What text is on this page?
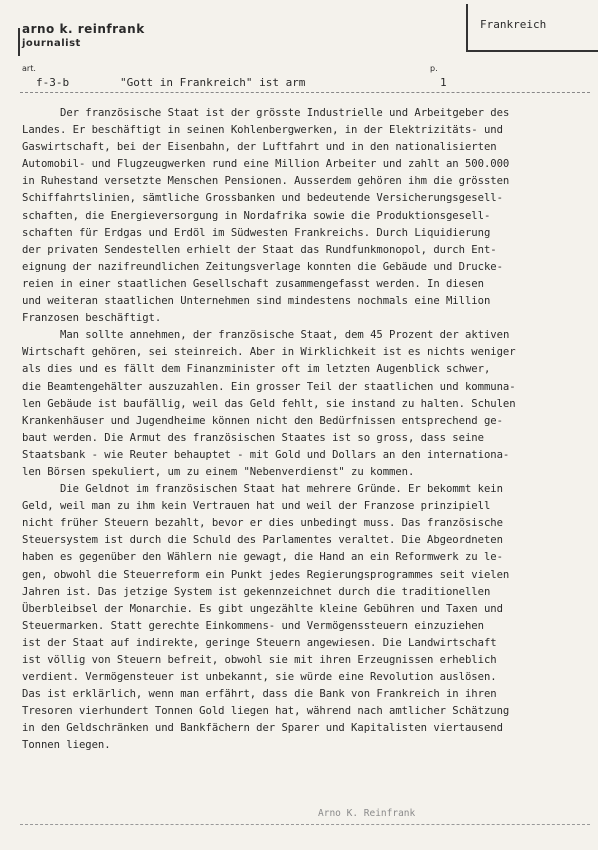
arno k. reinfrank
journalist
Frankreich
art.	p.
f-3-b	"Gott in Frankreich" ist arm	1
Der französische Staat ist der grösste Industrielle und Arbeitgeber des
Landes. Er beschäftigt in seinen Kohlenbergwerken, in der Elektrizitäts- und
Gaswirtschaft, bei der Eisenbahn, der Luftfahrt und in den nationalisierten
Automobil- und Flugzeugwerken rund eine Million Arbeiter und zahlt an 500.000
in Ruhestand versetzte Menschen Pensionen. Ausserdem gehören ihm die grössten
Schiffahrtslinien, sämtliche Grossbanken und bedeutende Versicherungsgesell-
schaften, die Energieversorgung in Nordafrika sowie die Produktionsgesell-
schaften für Erdgas und Erdöl im Südwesten Frankreichs. Durch Liquidierung
der privaten Sendestellen erhielt der Staat das Rundfunkmonopol, durch Ent-
eignung der nazifreundlichen Zeitungsverlage konnten die Gebäude und Drucke-
reien in einer staatlichen Gesellschaft zusammengefasst werden. In diesen
und weiteran staatlichen Unternehmen sind mindestens nochmals eine Million
Franzosen beschäftigt.
Man sollte annehmen, der französische Staat, dem 45 Prozent der aktiven
Wirtschaft gehören, sei steinreich. Aber in Wirklichkeit ist es nichts weniger
als dies und es fällt dem Finanzminister oft im letzten Augenblick schwer,
die Beamtengehälter auszuzahlen. Ein grosser Teil der staatlichen und kommuna-
len Gebäude ist baufällig, weil das Geld fehlt, sie instand zu halten. Schulen
Krankenhäuser und Jugendheime können nicht den Bedürfnissen entsprechend ge-
baut werden. Die Armut des französischen Staates ist so gross, dass seine
Staatsbank - wie Reuter behauptet - mit Gold und Dollars an den internationa-
len Börsen spekuliert, um zu einem "Nebenverdienst" zu kommen.
Die Geldnot im französischen Staat hat mehrere Gründe. Er bekommt kein
Geld, weil man zu ihm kein Vertrauen hat und weil der Franzose prinzipiell
nicht früher Steuern bezahlt, bevor er dies unbedingt muss. Das französische
Steuersystem ist durch die Schuld des Parlamentes veraltet. Die Abgeordneten
haben es gegenüber den Wählern nie gewagt, die Hand an ein Reformwerk zu le-
gen, obwohl die Steuerreform ein Punkt jedes Regierungsprogrammes seit vielen
Jahren ist. Das jetzige System ist gekennzeichnet durch die traditionellen
Überbleibsel der Monarchie. Es gibt ungezählte kleine Gebühren und Taxen und
Steuermarken. Statt gerechte Einkommens- und Vermögenssteuern einzuziehen
ist der Staat auf indirekte, geringe Steuern angewiesen. Die Landwirtschaft
ist völlig von Steuern befreit, obwohl sie mit ihren Erzeugnissen erheblich
verdient. Vermögensteuer ist unbekannt, sie würde eine Revolution auslösen.
Das ist erklärlich, wenn man erfährt, dass die Bank von Frankreich in ihren
Tresoren vierhundert Tonnen Gold liegen hat, während nach amtlicher Schätzung
in den Geldschränken und Bankfächern der Sparer und Kapitalisten viertausend
Tonnen liegen.
Arno K. Reinfrank
